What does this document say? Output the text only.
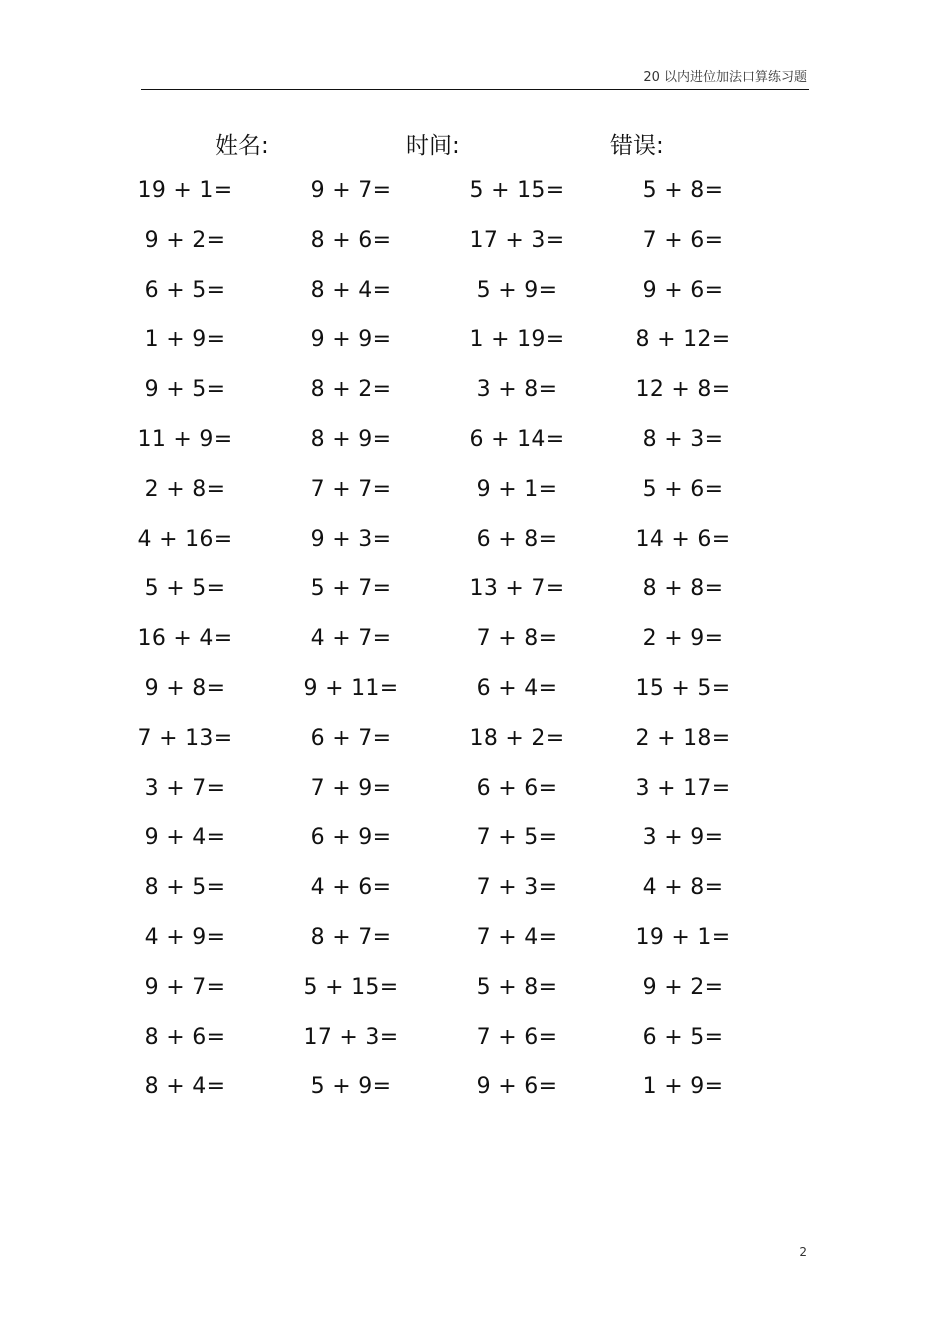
20 以内进位加法口算练习题
姓名:	时间:	错误:
19 + 1=	9 + 7=	5 + 15=	5 + 8=
9 + 2=	8 + 6=	17 + 3=	7 + 6=
6 + 5=	8 + 4=	5 + 9=	9 + 6=
1 + 9=	9 + 9=	1 + 19=	8 + 12=
9 + 5=	8 + 2=	3 + 8=	12 + 8=
11 + 9=	8 + 9=	6 + 14=	8 + 3=
2 + 8=	7 + 7=	9 + 1=	5 + 6=
4 + 16=	9 + 3=	6 + 8=	14 + 6=
5 + 5=	5 + 7=	13 + 7=	8 + 8=
16 + 4=	4 + 7=	7 + 8=	2 + 9=
9 + 8=	9 + 11=	6 + 4=	15 + 5=
7 + 13=	6 + 7=	18 + 2=	2 + 18=
3 + 7=	7 + 9=	6 + 6=	3 + 17=
9 + 4=	6 + 9=	7 + 5=	3 + 9=
8 + 5=	4 + 6=	7 + 3=	4 + 8=
4 + 9=	8 + 7=	7 + 4=	19 + 1=
9 + 7=	5 + 15=	5 + 8=	9 + 2=
8 + 6=	17 + 3=	7 + 6=	6 + 5=
8 + 4=	5 + 9=	9 + 6=	1 + 9=
2
